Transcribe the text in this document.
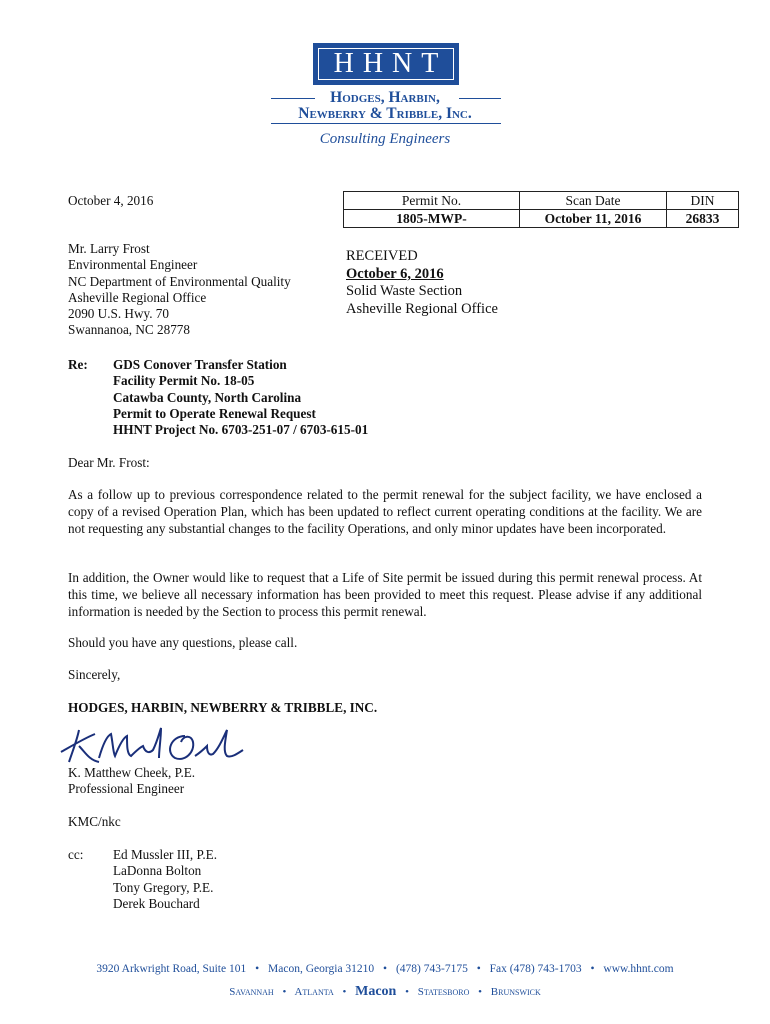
HHNT
Hodges, Harbin,
Newberry & Tribble, Inc.
Consulting Engineers
October 4, 2016	Permit No.	Scan Date	DIN
1805-MWP-	October 11, 2016	26833
Mr. Larry Frost
Environmental Engineer
NC Department of Environmental Quality
Asheville Regional Office
2090 U.S. Hwy. 70
Swannanoa, NC 28778
RECEIVED
October 6, 2016
Solid Waste Section
Asheville Regional Office
Re: GDS Conover Transfer Station
Facility Permit No. 18-05
Catawba County, North Carolina
Permit to Operate Renewal Request
HHNT Project No. 6703-251-07 / 6703-615-01
Dear Mr. Frost:
As a follow up to previous correspondence related to the permit renewal for the subject facility, we have enclosed a copy of a revised Operation Plan, which has been updated to reflect current operating conditions at the facility. We are not requesting any substantial changes to the facility Operations, and only minor updates have been incorporated.
In addition, the Owner would like to request that a Life of Site permit be issued during this permit renewal process. At this time, we believe all necessary information has been provided to meet this request. Please advise if any additional information is needed by the Section to process this permit renewal.
Should you have any questions, please call.
Sincerely,
HODGES, HARBIN, NEWBERRY & TRIBBLE, INC.
K. Matthew Cheek, P.E.
Professional Engineer
KMC/nkc
cc: Ed Mussler III, P.E.
LaDonna Bolton
Tony Gregory, P.E.
Derek Bouchard
3920 Arkwright Road, Suite 101 • Macon, Georgia 31210 • (478) 743-7175 • Fax (478) 743-1703 • www.hhnt.com
Savannah • Atlanta • Macon • Statesboro • Brunswick
